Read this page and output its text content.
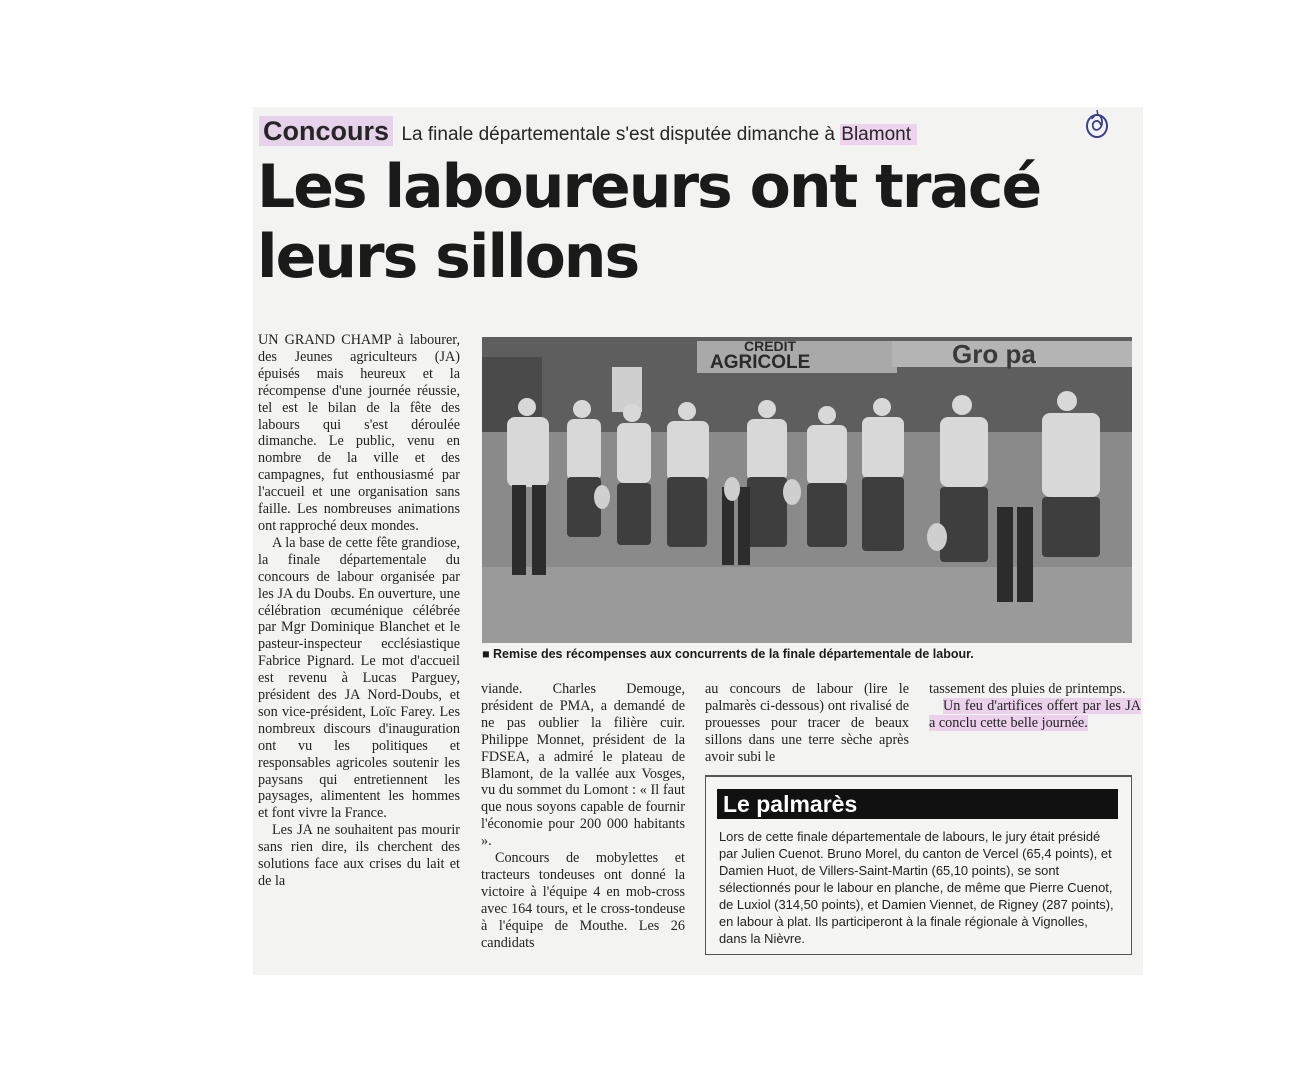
Concours La finale départementale s'est disputée dimanche à Blamont
Les laboureurs ont tracé leurs sillons

UN GRAND CHAMP à labourer, des Jeunes agriculteurs (JA) épuisés mais heureux et la récompense d'une journée réussie, tel est le bilan de la fête des labours qui s'est déroulée dimanche. Le public, venu en nombre de la ville et des campagnes, fut enthousiasmé par l'accueil et une organisation sans faille. Les nombreuses animations ont rapproché deux mondes.

A la base de cette fête grandiose, la finale départementale du concours de labour organisée par les JA du Doubs. En ouverture, une célébration œcuménique célébrée par Mgr Dominique Blanchet et le pasteur-inspecteur ecclésiastique Fabrice Pignard. Le mot d'accueil est revenu à Lucas Parguey, président des JA Nord-Doubs, et son vice-président, Loïc Farey. Les nombreux discours d'inauguration ont vu les politiques et responsables agricoles soutenir les paysans qui entretiennent les paysages, alimentent les hommes et font vivre la France.

Les JA ne souhaitent pas mourir sans rien dire, ils cherchent des solutions face aux crises du lait et de la

CREDIT
AGRICOLE	Gro pa
■ Remise des récompenses aux concurrents de la finale départementale de labour.

viande. Charles Demouge, président de PMA, a demandé de ne pas oublier la filière cuir. Philippe Monnet, président de la FDSEA, a admiré le plateau de Blamont, de la vallée aux Vosges, vu du sommet du Lomont : « Il faut que nous soyons capable de fournir l'économie pour 200 000 habitants ».

Concours de mobylettes et tracteurs tondeuses ont donné la victoire à l'équipe 4 en mob-cross avec 164 tours, et le cross-tondeuse à l'équipe de Mouthe. Les 26 candidats

au concours de labour (lire le palmarès ci-dessous) ont rivalisé de prouesses pour tracer de beaux sillons dans une terre sèche après avoir subi le

tassement des pluies de printemps.

Un feu d'artifices offert par les JA a conclu cette belle journée.

Le palmarès
Lors de cette finale départementale de labours, le jury était présidé par Julien Cuenot. Bruno Morel, du canton de Vercel (65,4 points), et Damien Huot, de Villers-Saint-Martin (65,10 points), se sont sélectionnés pour le labour en planche, de même que Pierre Cuenot, de Luxiol (314,50 points), et Damien Viennet, de Rigney (287 points), en labour à plat. Ils participeront à la finale régionale à Vignolles, dans la Nièvre.
